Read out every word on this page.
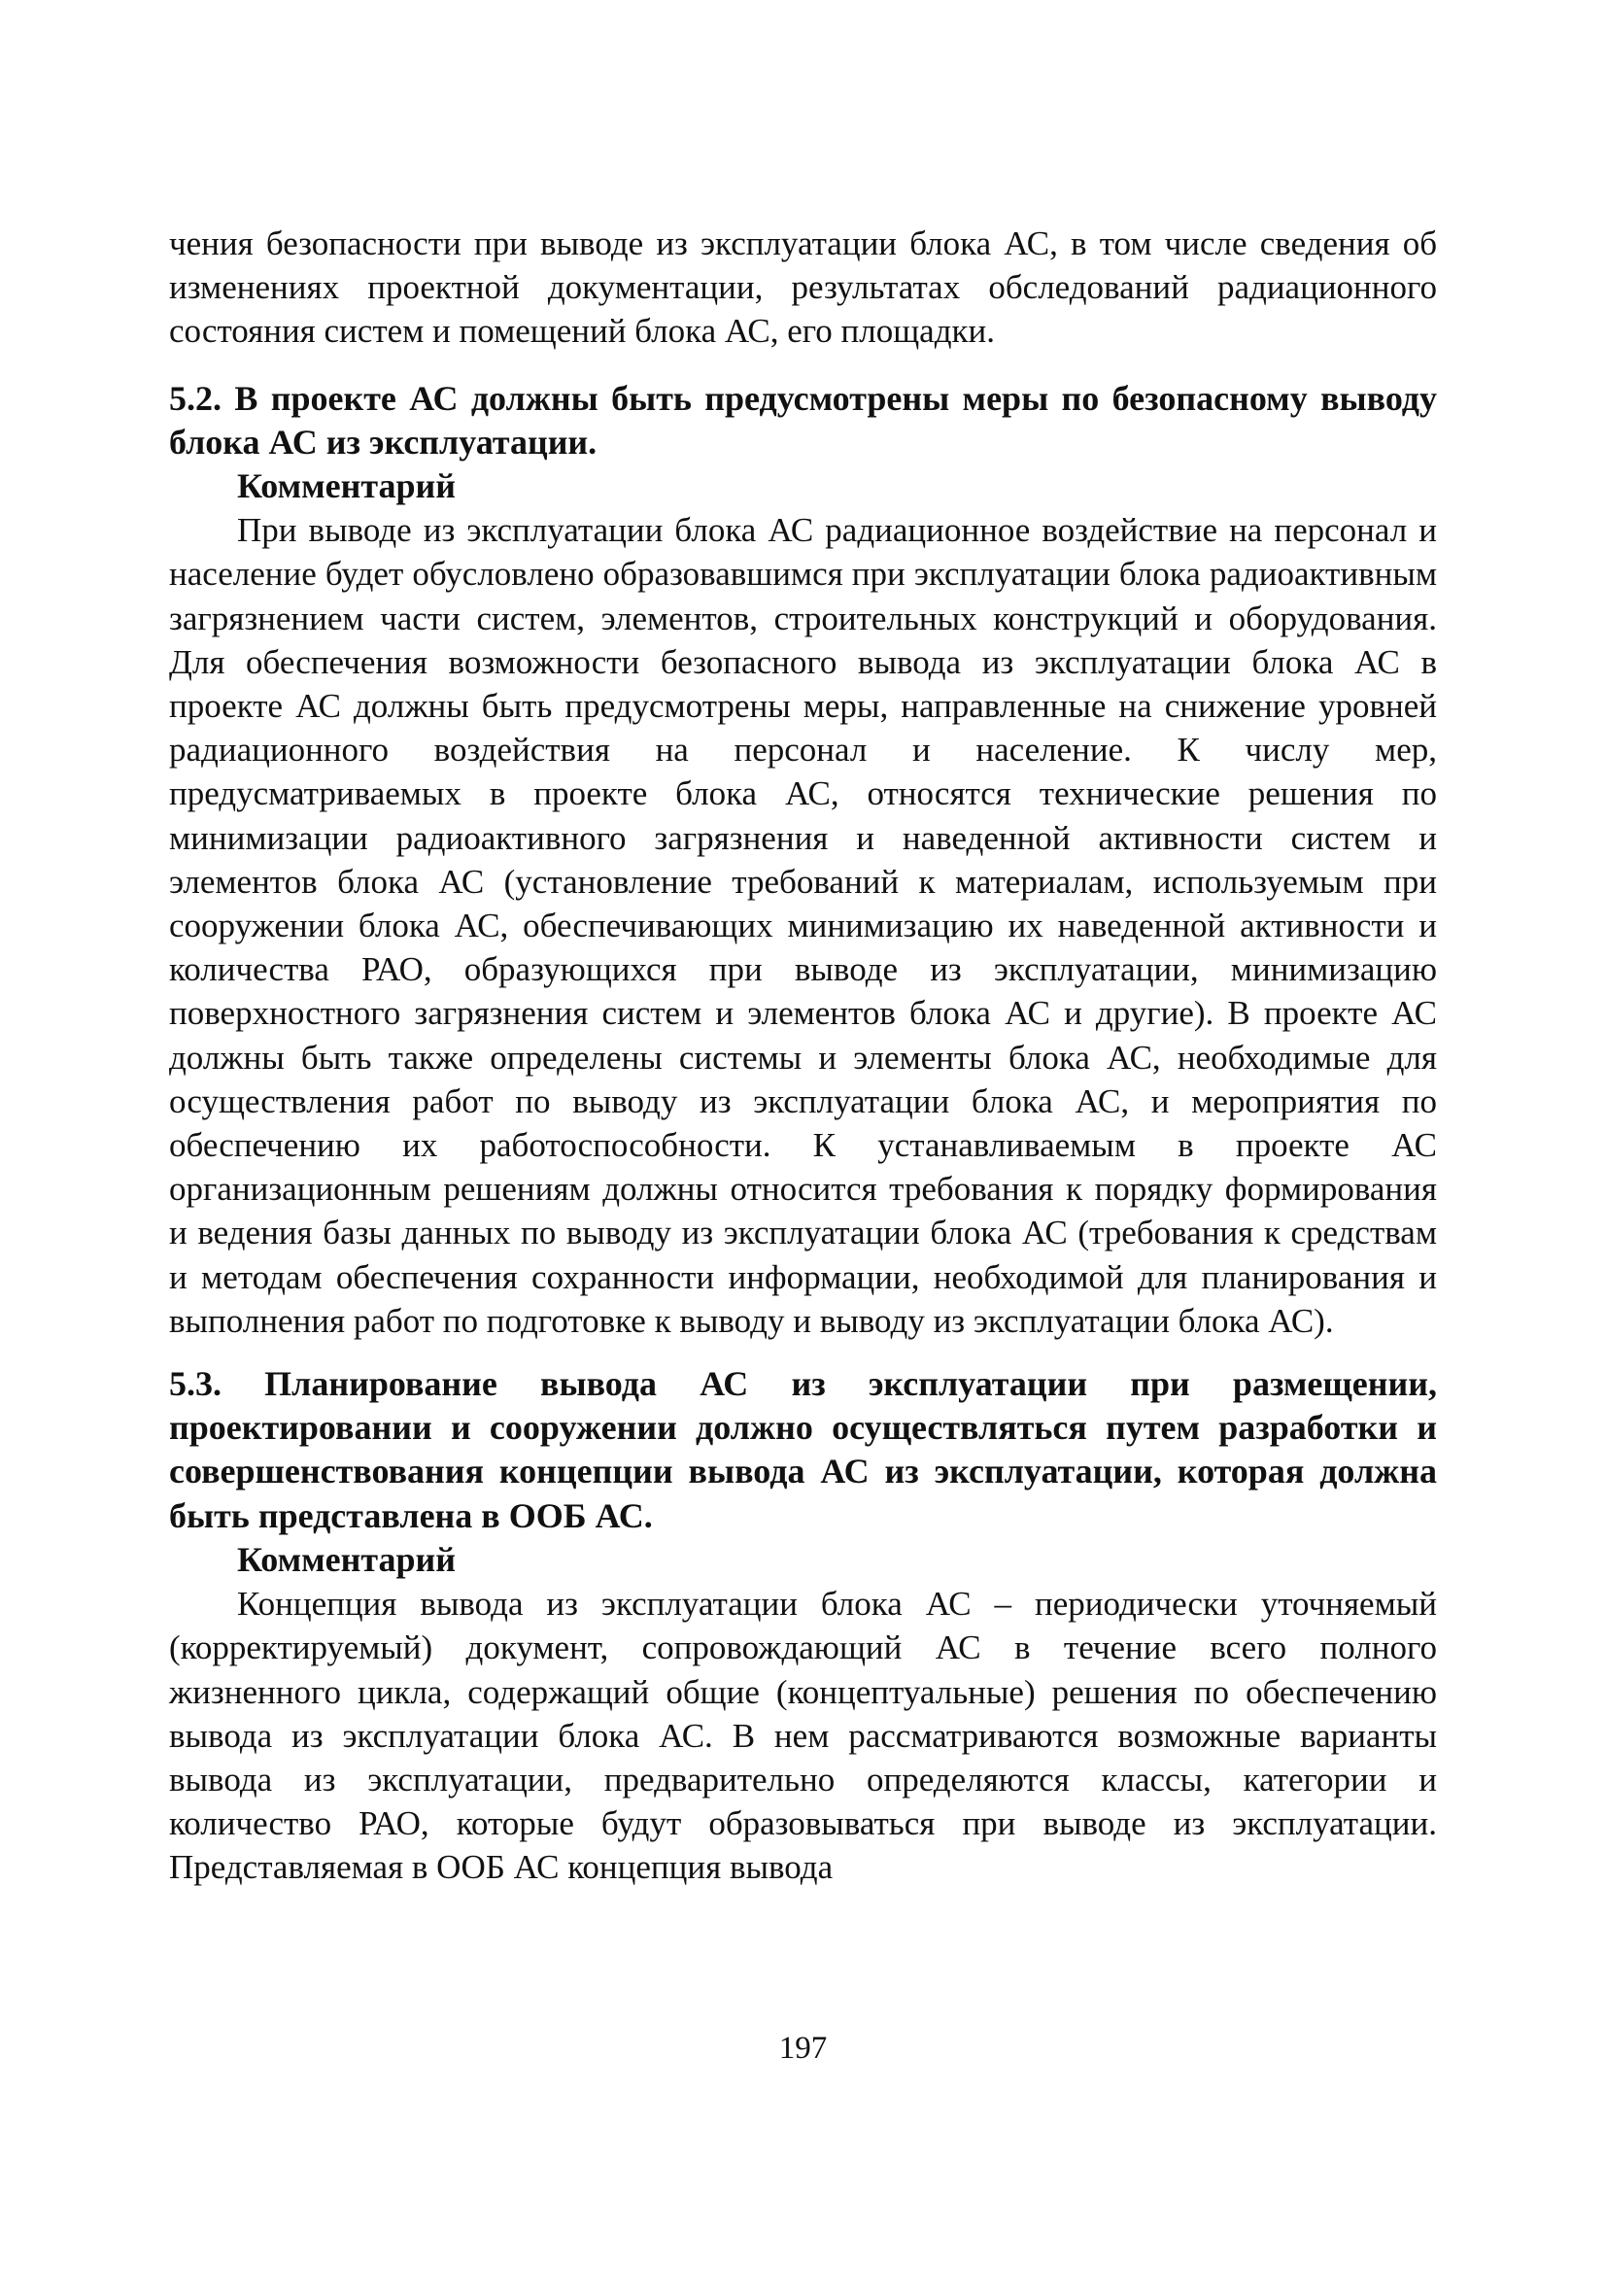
чения безопасности при выводе из эксплуатации блока АС, в том числе сведения об изменениях проектной документации, результатах обследований радиационного состояния систем и помещений блока АС, его площадки.

5.2. В проекте АС должны быть предусмотрены меры по безопасному выводу блока АС из эксплуатации.

Комментарий

При выводе из эксплуатации блока АС радиационное воздействие на персонал и население будет обусловлено образовавшимся при эксплуатации блока радиоактивным загрязнением части систем, элементов, строительных конструкций и оборудования. Для обеспечения возможности безопасного вывода из эксплуатации блока АС в проекте АС должны быть предусмотрены меры, направленные на снижение уровней радиационного воздействия на персонал и население. К числу мер, предусматриваемых в проекте блока АС, относятся технические решения по минимизации радиоактивного загрязнения и наведенной активности систем и элементов блока АС (установление требований к материалам, используемым при сооружении блока АС, обеспечивающих минимизацию их наведенной активности и количества РАО, образующихся при выводе из эксплуатации, минимизацию поверхностного загрязнения систем и элементов блока АС и другие). В проекте АС должны быть также определены системы и элементы блока АС, необходимые для осуществления работ по выводу из эксплуатации блока АС, и мероприятия по обеспечению их работоспособности. К устанавливаемым в проекте АС организационным решениям должны относится требования к порядку формирования и ведения базы данных по выводу из эксплуатации блока АС (требования к средствам и методам обеспечения сохранности информации, необходимой для планирования и выполнения работ по подготовке к выводу и выводу из эксплуатации блока АС).

5.3. Планирование вывода АС из эксплуатации при размещении, проектировании и сооружении должно осуществляться путем разработки и совершенствования концепции вывода АС из эксплуатации, которая должна быть представлена в ООБ АС.

Комментарий

Концепция вывода из эксплуатации блока АС – периодически уточняемый (корректируемый) документ, сопровождающий АС в течение всего полного жизненного цикла, содержащий общие (концептуальные) решения по обеспечению вывода из эксплуатации блока АС. В нем рассматриваются возможные варианты вывода из эксплуатации, предварительно определяются классы, категории и количество РАО, которые будут образовываться при выводе из эксплуатации. Представляемая в ООБ АС концепция вывода

197
